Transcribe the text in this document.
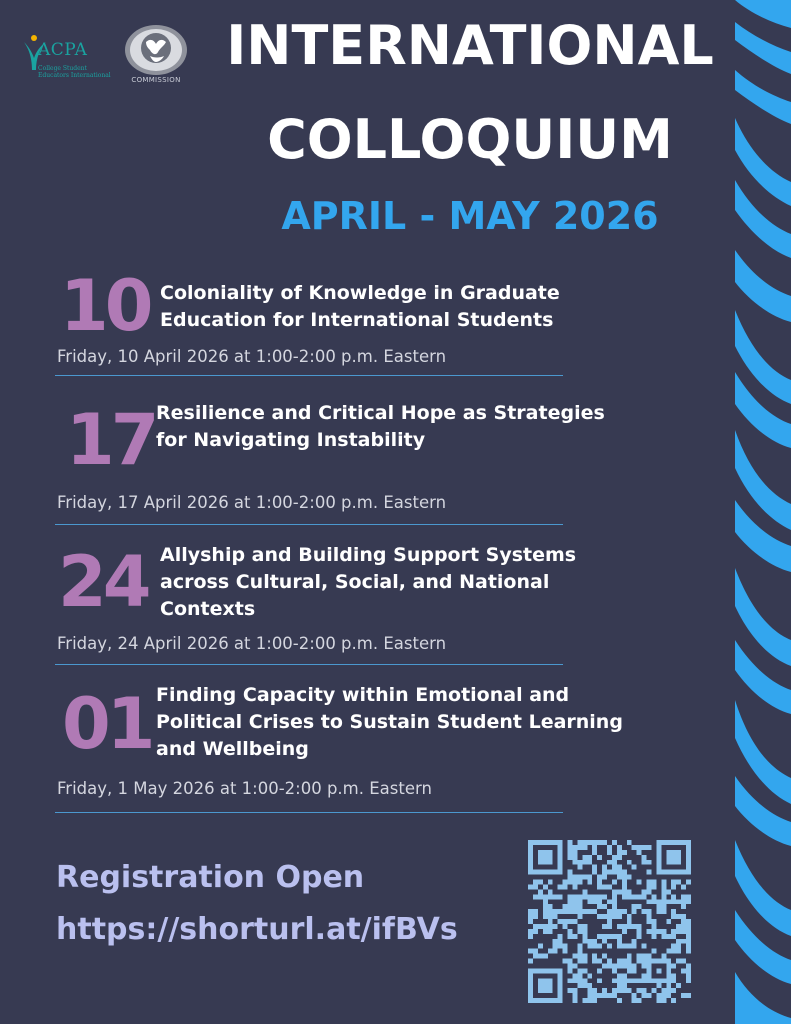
ACPA
College Student Educators International
COMMISSION
INTERNATIONAL
COLLOQUIUM
APRIL - MAY 2026
10 Coloniality of Knowledge in Graduate
Education for International Students
Friday, 10 April 2026 at 1:00-2:00 p.m. Eastern
17 Resilience and Critical Hope as Strategies
for Navigating Instability
Friday, 17 April 2026 at 1:00-2:00 p.m. Eastern
24 Allyship and Building Support Systems
across Cultural, Social, and National
Contexts
Friday, 24 April 2026 at 1:00-2:00 p.m. Eastern
01 Finding Capacity within Emotional and
Political Crises to Sustain Student Learning
and Wellbeing
Friday, 1 May 2026 at 1:00-2:00 p.m. Eastern
Registration Open
https://shorturl.at/ifBVs
